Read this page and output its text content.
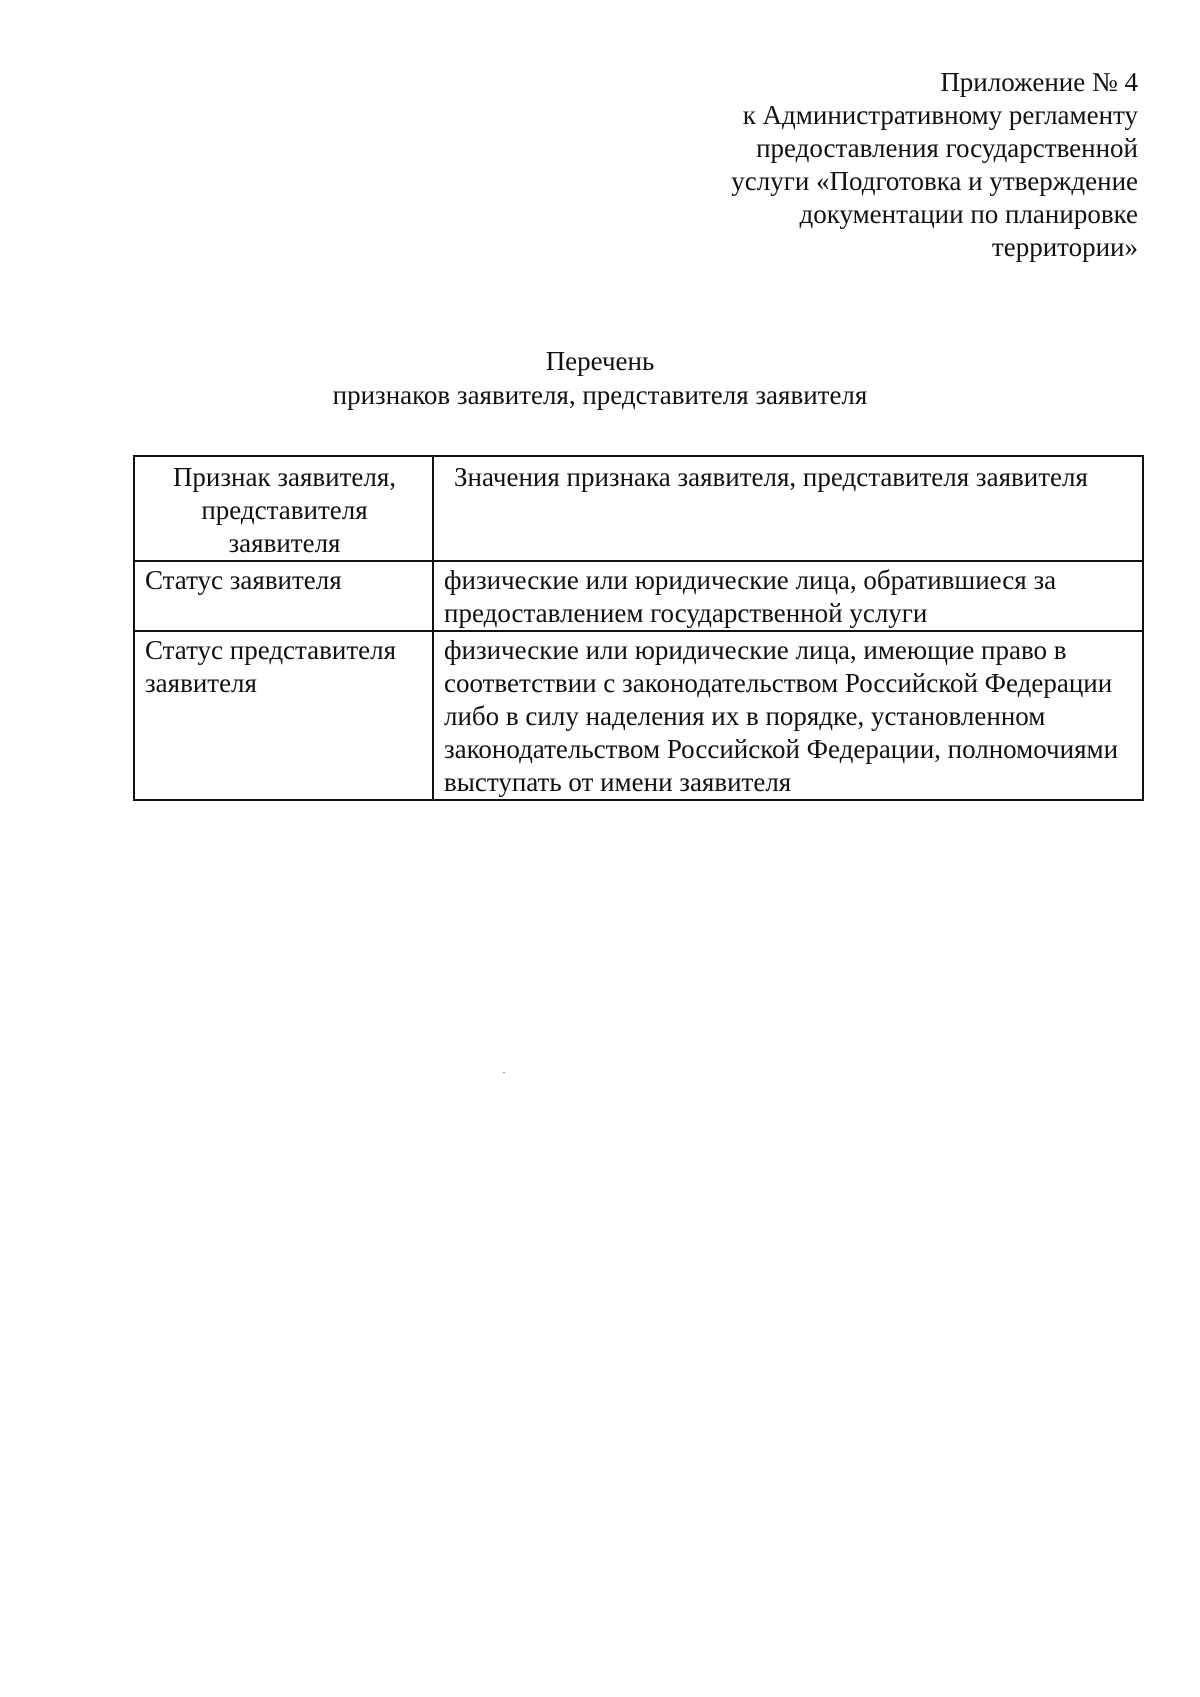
Приложение № 4
к Административному регламенту
предоставления государственной
услуги «Подготовка и утверждение
документации по планировке
территории»
Перечень
признаков заявителя, представителя заявителя
Признак заявителя, представителя заявителя	Значения признака заявителя, представителя заявителя
Статус заявителя	физические или юридические лица, обратившиеся за предоставлением государственной услуги
Статус представителя заявителя	физические или юридические лица, имеющие право в соответствии с законодательством Российской Федерации либо в силу наделения их в порядке, установленном законодательством Российской Федерации, полномочиями выступать от имени заявителя
